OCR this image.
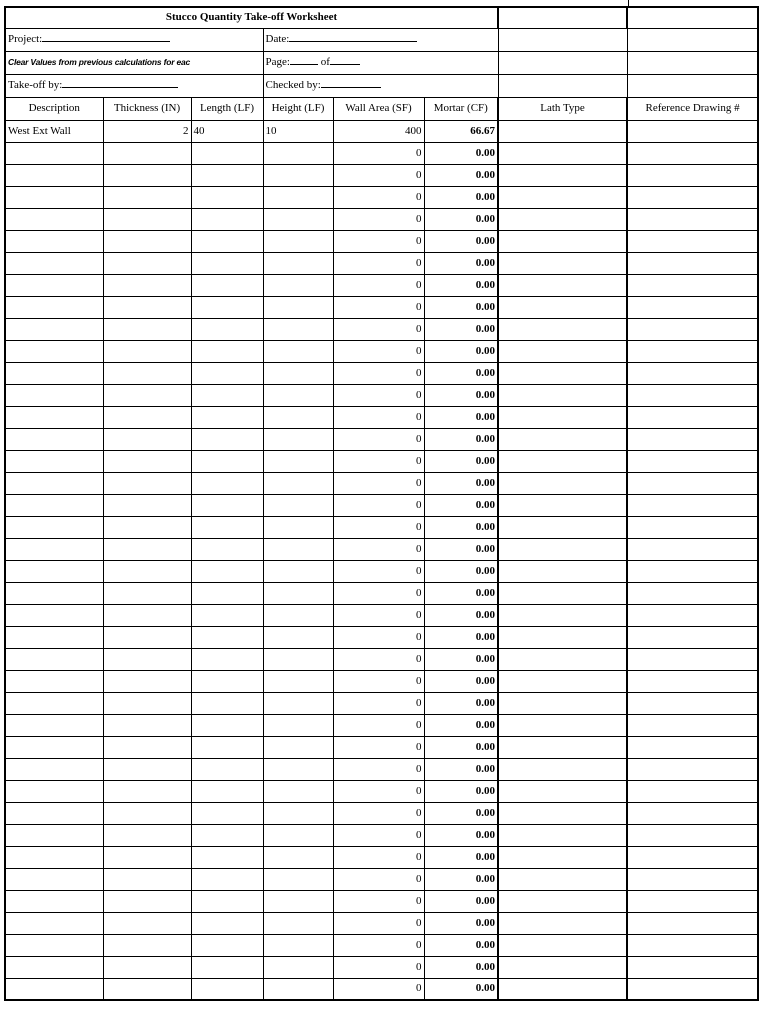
Stucco Quantity Take-off Worksheet							
Project:			Date:				
Clear Values from previous calculations for eac			Page: of				
Take-off by:			Checked by:				
Description	Thickness (IN)	Length (LF)	Height (LF)	Wall Area (SF)	Mortar (CF)	Lath Type	Reference Drawing #
West Ext Wall	2	40	10	400	66.67		
				0	0.00		
				0	0.00		
				0	0.00		
				0	0.00		
				0	0.00		
				0	0.00		
				0	0.00		
				0	0.00		
				0	0.00		
				0	0.00		
				0	0.00		
				0	0.00		
				0	0.00		
				0	0.00		
				0	0.00		
				0	0.00		
				0	0.00		
				0	0.00		
				0	0.00		
				0	0.00		
				0	0.00		
				0	0.00		
				0	0.00		
				0	0.00		
				0	0.00		
				0	0.00		
				0	0.00		
				0	0.00		
				0	0.00		
				0	0.00		
				0	0.00		
				0	0.00		
				0	0.00		
				0	0.00		
				0	0.00		
				0	0.00		
				0	0.00		
				0	0.00		
				0	0.00		
